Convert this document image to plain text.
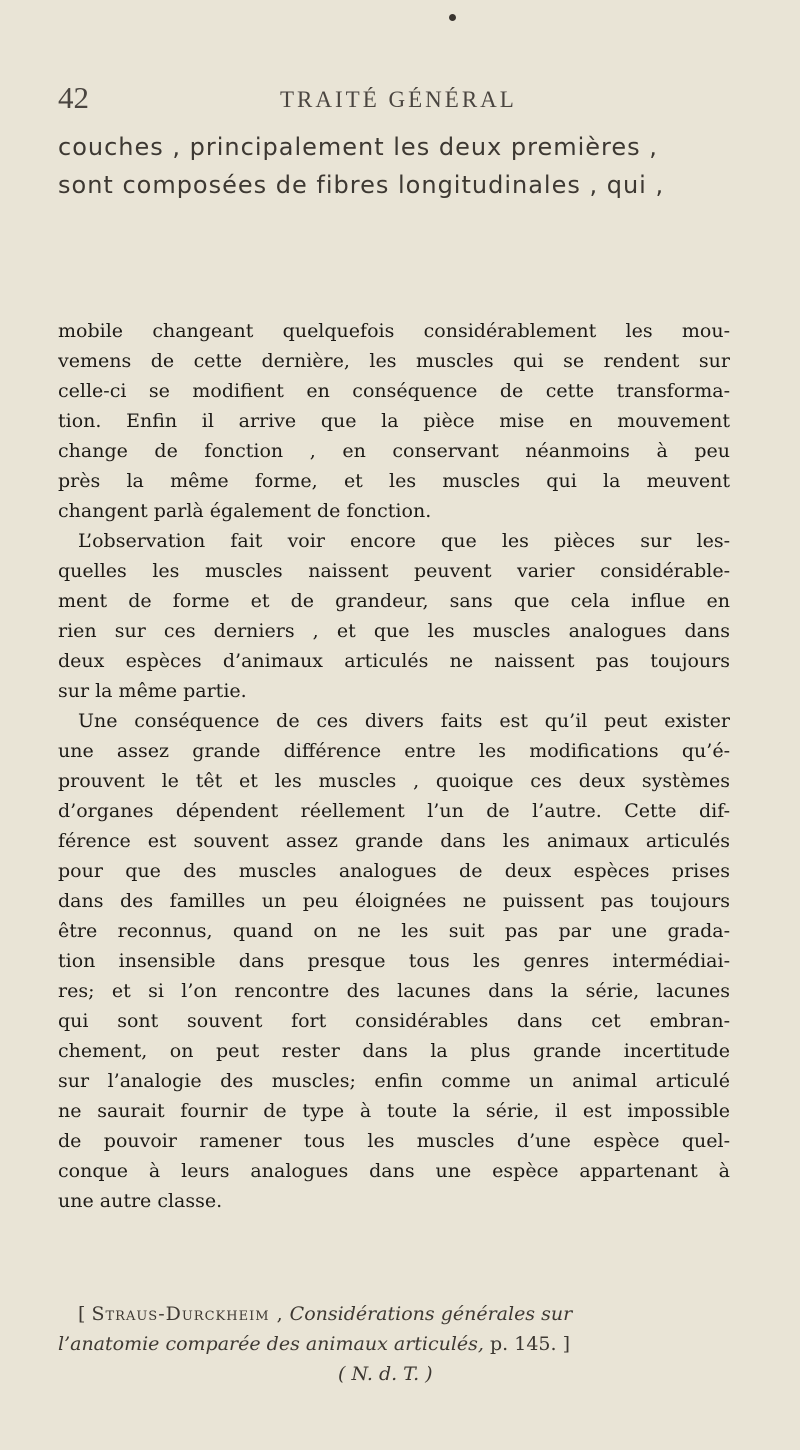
42	TRAITÉ GÉNÉRAL

couches , principalement les deux premières ,

sont composées de fibres longitudinales , qui ,

mobile changeant quelquefois considérablement les mou-
vemens de cette dernière, les muscles qui se rendent sur
celle-ci se modifient en conséquence de cette transforma-
tion. Enfin il arrive que la pièce mise en mouvement
change de fonction , en conservant néanmoins à peu
près la même forme, et les muscles qui la meuvent
changent parlà également de fonction.
L’observation fait voir encore que les pièces sur les-
quelles les muscles naissent peuvent varier considérable-
ment de forme et de grandeur, sans que cela influe en
rien sur ces derniers , et que les muscles analogues dans
deux espèces d’animaux articulés ne naissent pas toujours
sur la même partie.
Une conséquence de ces divers faits est qu’il peut exister
une assez grande différence entre les modifications qu’é-
prouvent le têt et les muscles , quoique ces deux systèmes
d’organes dépendent réellement l’un de l’autre. Cette dif-
férence est souvent assez grande dans les animaux articulés
pour que des muscles analogues de deux espèces prises
dans des familles un peu éloignées ne puissent pas toujours
être reconnus, quand on ne les suit pas par une grada-
tion insensible dans presque tous les genres intermédiai-
res; et si l’on rencontre des lacunes dans la série, lacunes
qui sont souvent fort considérables dans cet embran-
chement, on peut rester dans la plus grande incertitude
sur l’analogie des muscles; enfin comme un animal articulé
ne saurait fournir de type à toute la série, il est impossible
de pouvoir ramener tous les muscles d’une espèce quel-
conque à leurs analogues dans une espèce appartenant à
une autre classe.
[ Straus-Durckheim , Considérations générales sur
l’anatomie comparée des animaux articulés, p. 145. ]
( N. d. T. )
